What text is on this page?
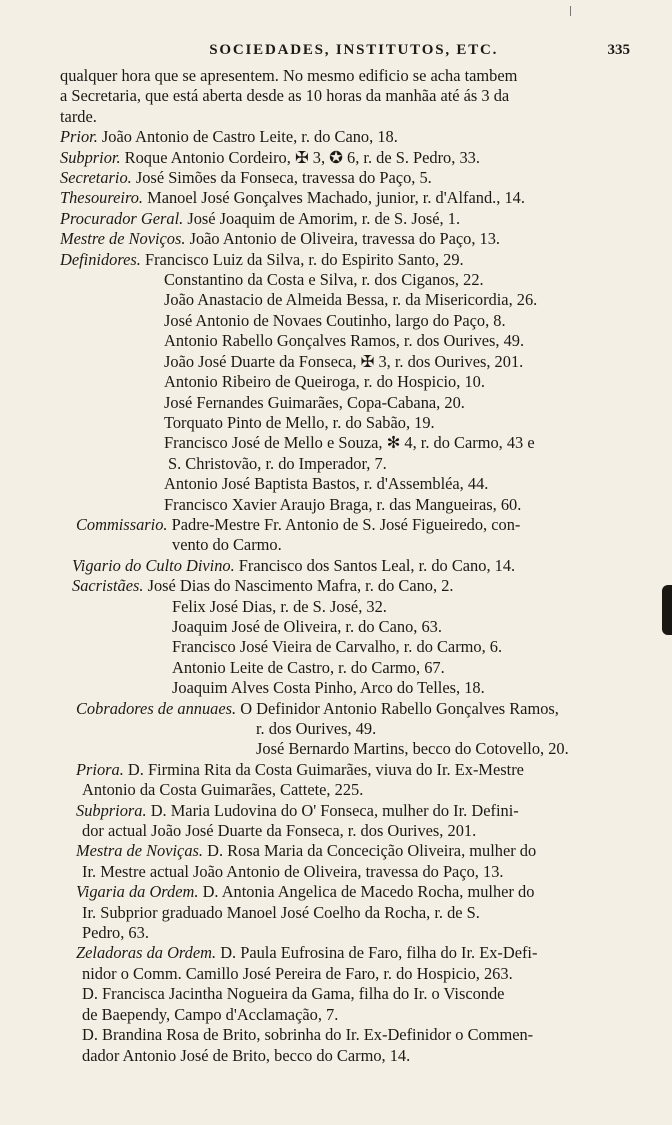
SOCIEDADES, INSTITUTOS, ETC.	335
qualquer hora que se apresentem. No mesmo edificio se acha tambem
a Secretaria, que está aberta desde as 10 horas da manhãa até ás 3 da
tarde.
Prior. João Antonio de Castro Leite, r. do Cano, 18.
Subprior. Roque Antonio Cordeiro, ✠ 3, ✪ 6, r. de S. Pedro, 33.
Secretario. José Simões da Fonseca, travessa do Paço, 5.
Thesoureiro. Manoel José Gonçalves Machado, junior, r. d'Alfand., 14.
Procurador Geral. José Joaquim de Amorim, r. de S. José, 1.
Mestre de Noviços. João Antonio de Oliveira, travessa do Paço, 13.
Definidores. Francisco Luiz da Silva, r. do Espirito Santo, 29.
Constantino da Costa e Silva, r. dos Ciganos, 22.
João Anastacio de Almeida Bessa, r. da Misericordia, 26.
José Antonio de Novaes Coutinho, largo do Paço, 8.
Antonio Rabello Gonçalves Ramos, r. dos Ourives, 49.
João José Duarte da Fonseca, ✠ 3, r. dos Ourives, 201.
Antonio Ribeiro de Queiroga, r. do Hospicio, 10.
José Fernandes Guimarães, Copa-Cabana, 20.
Torquato Pinto de Mello, r. do Sabão, 19.
Francisco José de Mello e Souza, ✻ 4, r. do Carmo, 43 e
S. Christovão, r. do Imperador, 7.
Antonio José Baptista Bastos, r. d'Assembléa, 44.
Francisco Xavier Araujo Braga, r. das Mangueiras, 60.
Commissario. Padre-Mestre Fr. Antonio de S. José Figueiredo, con-
vento do Carmo.
Vigario do Culto Divino. Francisco dos Santos Leal, r. do Cano, 14.
Sacristães. José Dias do Nascimento Mafra, r. do Cano, 2.
Felix José Dias, r. de S. José, 32.
Joaquim José de Oliveira, r. do Cano, 63.
Francisco José Vieira de Carvalho, r. do Carmo, 6.
Antonio Leite de Castro, r. do Carmo, 67.
Joaquim Alves Costa Pinho, Arco do Telles, 18.
Cobradores de annuaes. O Definidor Antonio Rabello Gonçalves Ramos,
r. dos Ourives, 49.
José Bernardo Martins, becco do Cotovello, 20.
Priora. D. Firmina Rita da Costa Guimarães, viuva do Ir. Ex-Mestre
Antonio da Costa Guimarães, Cattete, 225.
Subpriora. D. Maria Ludovina do O' Fonseca, mulher do Ir. Defini-
dor actual João José Duarte da Fonseca, r. dos Ourives, 201.
Mestra de Noviças. D. Rosa Maria da Concecição Oliveira, mulher do
Ir. Mestre actual João Antonio de Oliveira, travessa do Paço, 13.
Vigaria da Ordem. D. Antonia Angelica de Macedo Rocha, mulher do
Ir. Subprior graduado Manoel José Coelho da Rocha, r. de S.
Pedro, 63.
Zeladoras da Ordem. D. Paula Eufrosina de Faro, filha do Ir. Ex-Defi-
nidor o Comm. Camillo José Pereira de Faro, r. do Hospicio, 263.
D. Francisca Jacintha Nogueira da Gama, filha do Ir. o Visconde
de Baependy, Campo d'Acclamação, 7.
D. Brandina Rosa de Brito, sobrinha do Ir. Ex-Definidor o Commen-
dador Antonio José de Brito, becco do Carmo, 14.
